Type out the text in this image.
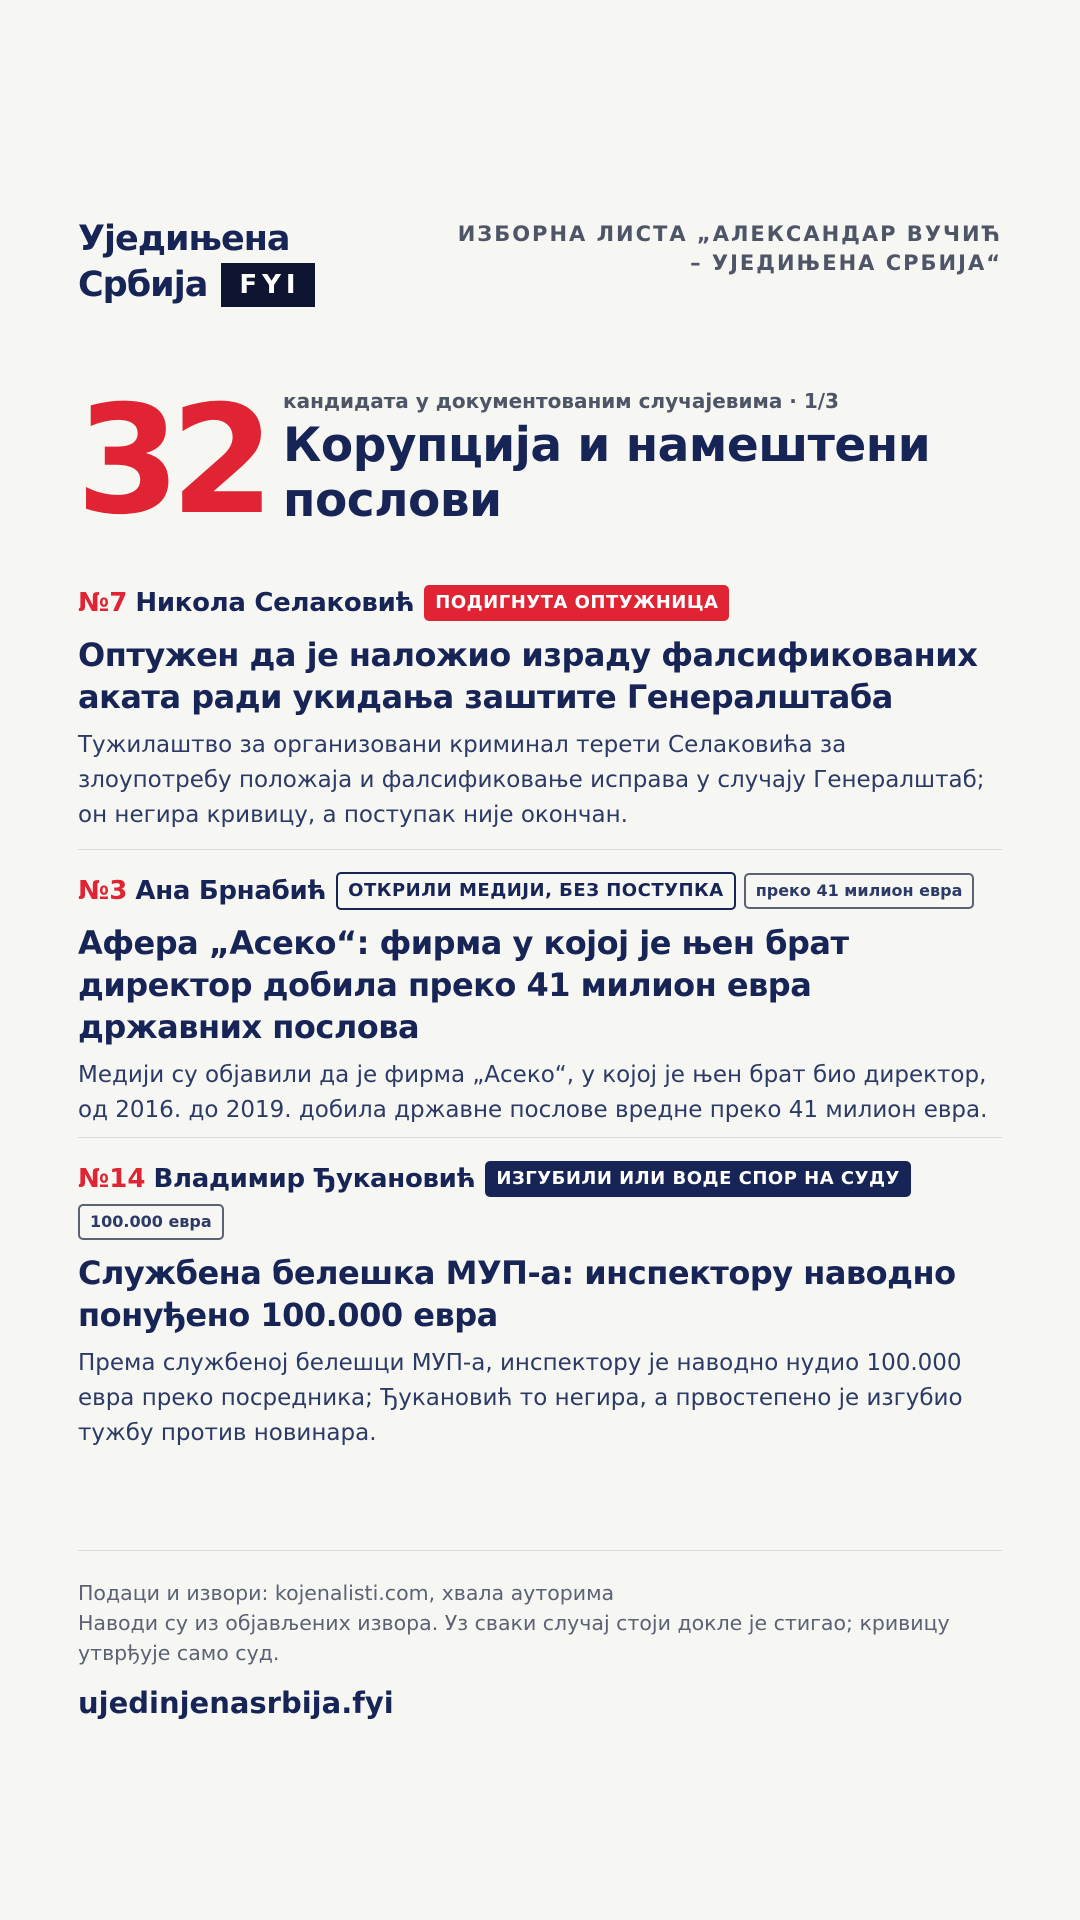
Уједињена
Србија	FYI
ИЗБОРНА ЛИСТА „АЛЕКСАНДАР ВУЧИЋ – УЈЕДИЊЕНА СРБИЈА“
32 кандидата у документованим случајевима · 1/3
Корупција и намештени послови
№7 Никола Селаковић	ПОДИГНУТА ОПТУЖНИЦА
Оптужен да је наложио израду фалсификованих аката ради укидања заштите Генералштаба
Тужилаштво за организовани криминал терети Селаковића за злоупотребу положаја и фалсификовање исправа у случају Генералштаб; он негира кривицу, а поступак није окончан.
№3 Ана Брнабић	ОТКРИЛИ МЕДИЈИ, БЕЗ ПОСТУПКА	преко 41 милион евра
Афера „Асеко“: фирма у којој је њен брат директор добила преко 41 милион евра државних послова
Медији су објавили да је фирма „Асеко“, у којој је њен брат био директор, од 2016. до 2019. добила државне послове вредне преко 41 милион евра.
№14 Владимир Ђукановић	ИЗГУБИЛИ ИЛИ ВОДЕ СПОР НА СУДУ
100.000 евра
Службена белешка МУП-а: инспектору наводно понуђено 100.000 евра
Према службеној белешци МУП-а, инспектору је наводно нудио 100.000 евра преко посредника; Ђукановић то негира, а првостепено је изгубио тужбу против новинара.
Подаци и извори: kojenalisti.com, хвала ауторима
Наводи су из објављених извора. Уз сваки случај стоји докле је стигао; кривицу утврђује само суд.
ujedinjenasrbija.fyi
